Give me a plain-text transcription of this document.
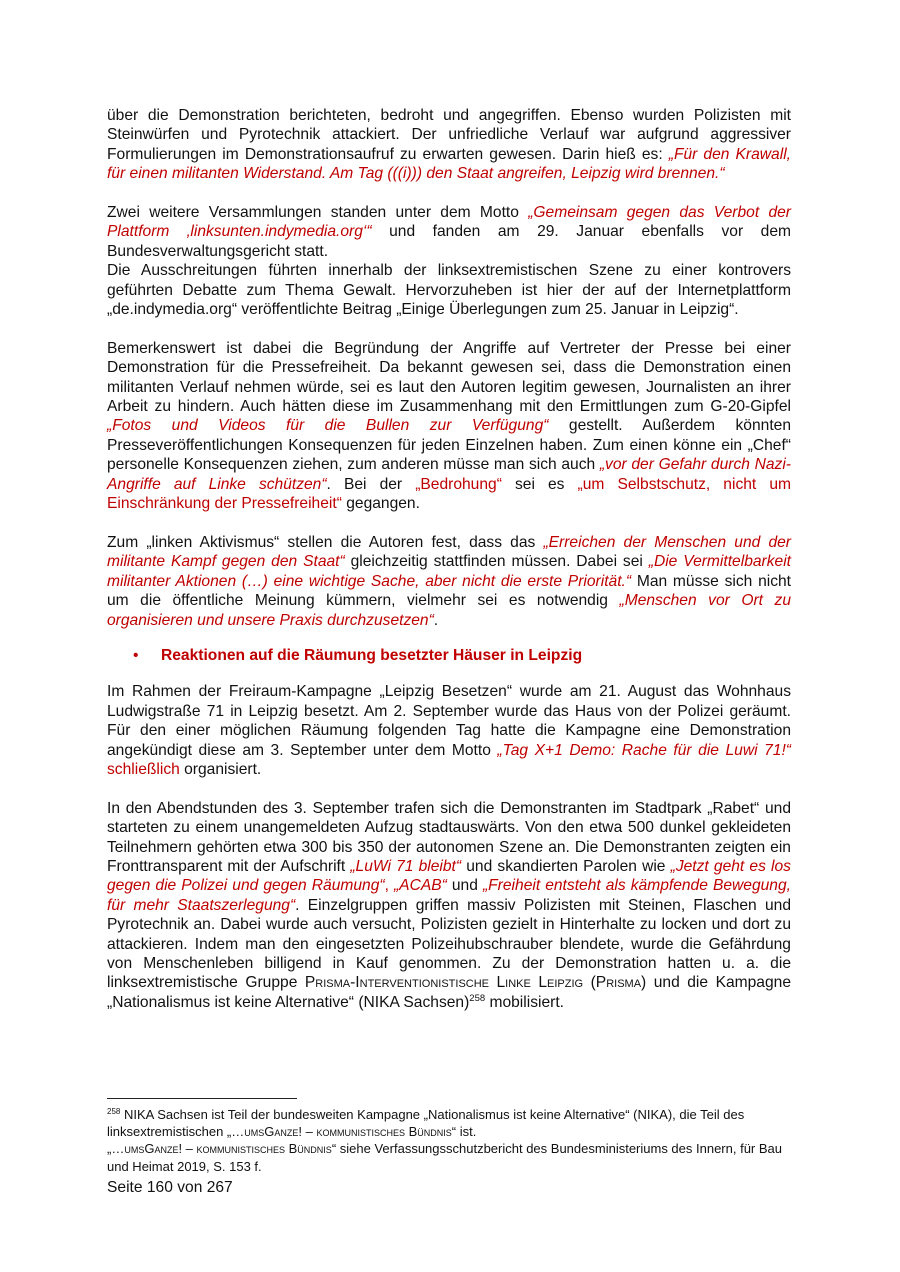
über die Demonstration berichteten, bedroht und angegriffen. Ebenso wurden Polizisten mit Steinwürfen und Pyrotechnik attackiert. Der unfriedliche Verlauf war aufgrund aggressiver Formulierungen im Demonstrationsaufruf zu erwarten gewesen. Darin hieß es: „Für den Krawall, für einen militanten Widerstand. Am Tag (((i))) den Staat angreifen, Leipzig wird brennen.“

Zwei weitere Versammlungen standen unter dem Motto „Gemeinsam gegen das Verbot der Plattform ‚linksunten.indymedia.org‘“ und fanden am 29. Januar ebenfalls vor dem Bundesverwaltungsgericht statt.

Die Ausschreitungen führten innerhalb der linksextremistischen Szene zu einer kontrovers geführten Debatte zum Thema Gewalt. Hervorzuheben ist hier der auf der Internetplattform „de.indymedia.org“ veröffentlichte Beitrag „Einige Überlegungen zum 25. Januar in Leipzig“.

Bemerkenswert ist dabei die Begründung der Angriffe auf Vertreter der Presse bei einer Demonstration für die Pressefreiheit. Da bekannt gewesen sei, dass die Demonstration einen militanten Verlauf nehmen würde, sei es laut den Autoren legitim gewesen, Journalisten an ihrer Arbeit zu hindern. Auch hätten diese im Zusammenhang mit den Ermittlungen zum G-20-Gipfel „Fotos und Videos für die Bullen zur Verfügung“ gestellt. Außerdem könnten Presseveröffentlichungen Konsequenzen für jeden Einzelnen haben. Zum einen könne ein „Chef“ personelle Konsequenzen ziehen, zum anderen müsse man sich auch „vor der Gefahr durch Nazi-Angriffe auf Linke schützen“. Bei der „Bedrohung“ sei es „um Selbstschutz, nicht um Einschränkung der Pressefreiheit“ gegangen.

Zum „linken Aktivismus“ stellen die Autoren fest, dass das „Erreichen der Menschen und der militante Kampf gegen den Staat“ gleichzeitig stattfinden müssen. Dabei sei „Die Vermittelbarkeit militanter Aktionen (…) eine wichtige Sache, aber nicht die erste Priorität.“ Man müsse sich nicht um die öffentliche Meinung kümmern, vielmehr sei es notwendig „Menschen vor Ort zu organisieren und unsere Praxis durchzusetzen“.

• Reaktionen auf die Räumung besetzter Häuser in Leipzig

Im Rahmen der Freiraum-Kampagne „Leipzig Besetzen“ wurde am 21. August das Wohnhaus Ludwigstraße 71 in Leipzig besetzt. Am 2. September wurde das Haus von der Polizei geräumt. Für den einer möglichen Räumung folgenden Tag hatte die Kampagne eine Demonstration angekündigt diese am 3. September unter dem Motto „Tag X+1 Demo: Rache für die Luwi 71!“ schließlich organisiert.

In den Abendstunden des 3. September trafen sich die Demonstranten im Stadtpark „Rabet“ und starteten zu einem unangemeldeten Aufzug stadtauswärts. Von den etwa 500 dunkel gekleideten Teilnehmern gehörten etwa 300 bis 350 der autonomen Szene an. Die Demonstranten zeigten ein Fronttransparent mit der Aufschrift „LuWi 71 bleibt“ und skandierten Parolen wie „Jetzt geht es los gegen die Polizei und gegen Räumung“, „ACAB“ und „Freiheit entsteht als kämpfende Bewegung, für mehr Staatszerlegung“. Einzelgruppen griffen massiv Polizisten mit Steinen, Flaschen und Pyrotechnik an. Dabei wurde auch versucht, Polizisten gezielt in Hinterhalte zu locken und dort zu attackieren. Indem man den eingesetzten Polizeihubschrauber blendete, wurde die Gefährdung von Menschenleben billigend in Kauf genommen. Zu der Demonstration hatten u. a. die linksextremistische Gruppe Prisma-Interventionistische Linke Leipzig (Prisma) und die Kampagne „Nationalismus ist keine Alternative“ (NIKA Sachsen)$^{258}$ mobilisiert.

$^{258}$ NIKA Sachsen ist Teil der bundesweiten Kampagne „Nationalismus ist keine Alternative“ (NIKA), die Teil des linksextremistischen „…umsGanze! – kommunistisches Bündnis“ ist.

„…umsGanze! – kommunistisches Bündnis“ siehe Verfassungsschutzbericht des Bundesministeriums des Innern, für Bau und Heimat 2019, S. 153 f.

Seite 160 von 267
